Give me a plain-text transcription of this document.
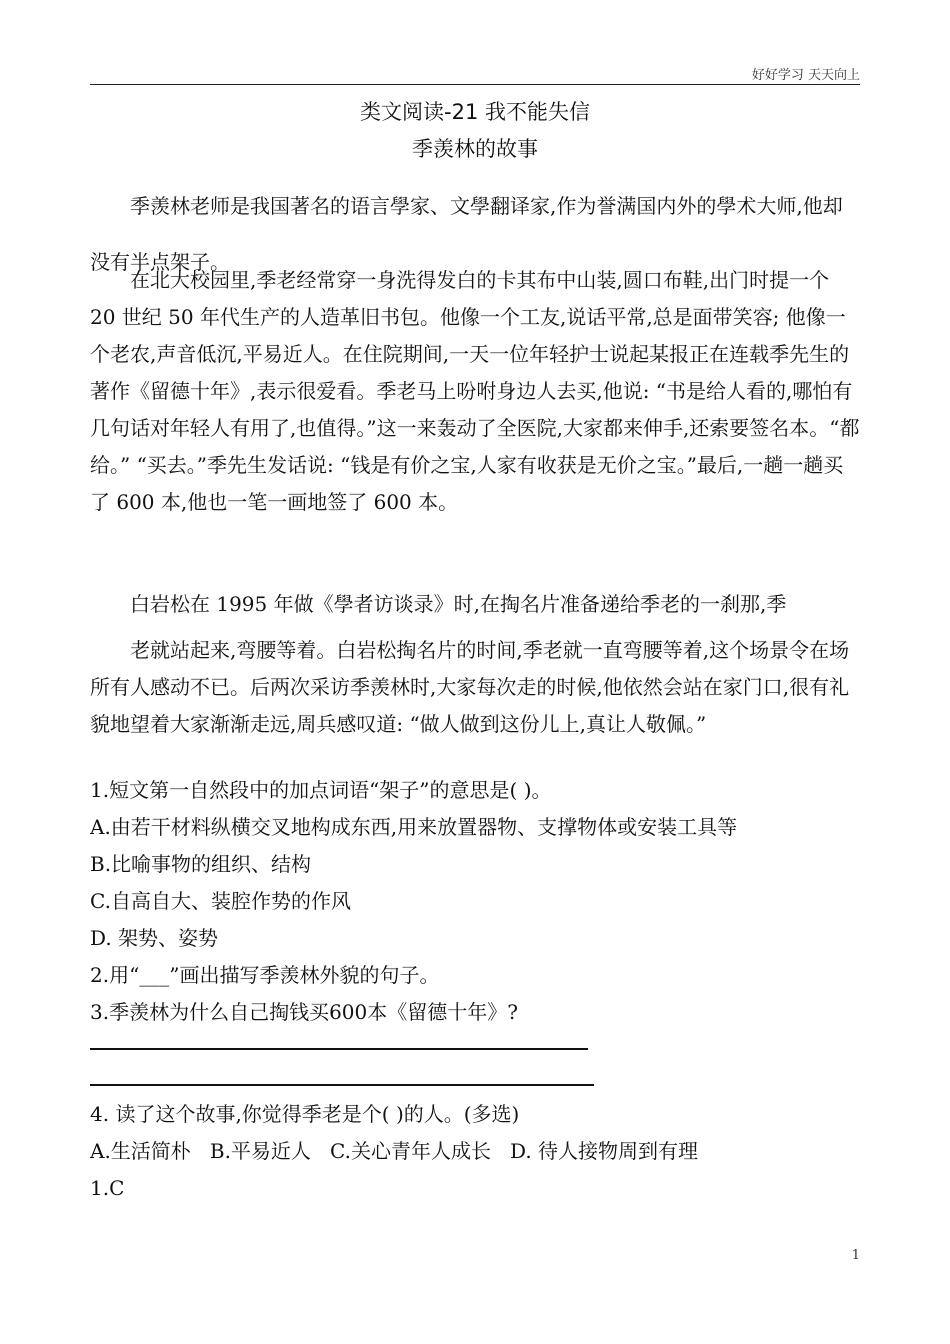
好好学习 天天向上
类文阅读-21 我不能失信
季羡林的故事

季羡林老师是我国著名的语言學家、文學翻译家,作为誉满国内外的學术大师,他却没有半点架子。

在北大校园里,季老经常穿一身洗得发白的卡其布中山装,圆口布鞋,出门时提一个 20 世纪 50 年代生产的人造革旧书包。他像一个工友,说话平常,总是面带笑容; 他像一个老农,声音低沉,平易近人。在住院期间,一天一位年轻护士说起某报正在连载季先生的著作《留德十年》,表示很爱看。季老马上吩咐身边人去买,他说: “书是给人看的,哪怕有几句话对年轻人有用了,也值得。”这一来轰动了全医院,大家都来伸手,还索要签名本。“都给。” “买去。”季先生发话说: “钱是有价之宝,人家有收获是无价之宝。”最后,一趟一趟买了 600 本,他也一笔一画地签了 600 本。

白岩松在 1995 年做《學者访谈录》时,在掏名片准备递给季老的一刹那,季
老就站起来,弯腰等着。白岩松掏名片的时间,季老就一直弯腰等着,这个场景令在场所有人感动不已。后两次采访季羡林时,大家每次走的时候,他依然会站在家门口,很有礼貌地望着大家渐渐走远,周兵感叹道: “做人做到这份儿上,真让人敬佩。”

1.短文第一自然段中的加点词语“架子”的意思是( )。
A.由若干材料纵横交叉地构成东西,用来放置器物、支撑物体或安装工具等
B.比喻事物的组织、结构
C.自高自大、装腔作势的作风
D. 架势、姿势
2.用“___”画出描写季羡林外貌的句子。
3.季羡林为什么自己掏钱买600本《留德十年》?
4. 读了这个故事,你觉得季老是个( )的人。(多选)
A.生活简朴   B.平易近人   C.关心青年人成长   D. 待人接物周到有理
1.C
1
